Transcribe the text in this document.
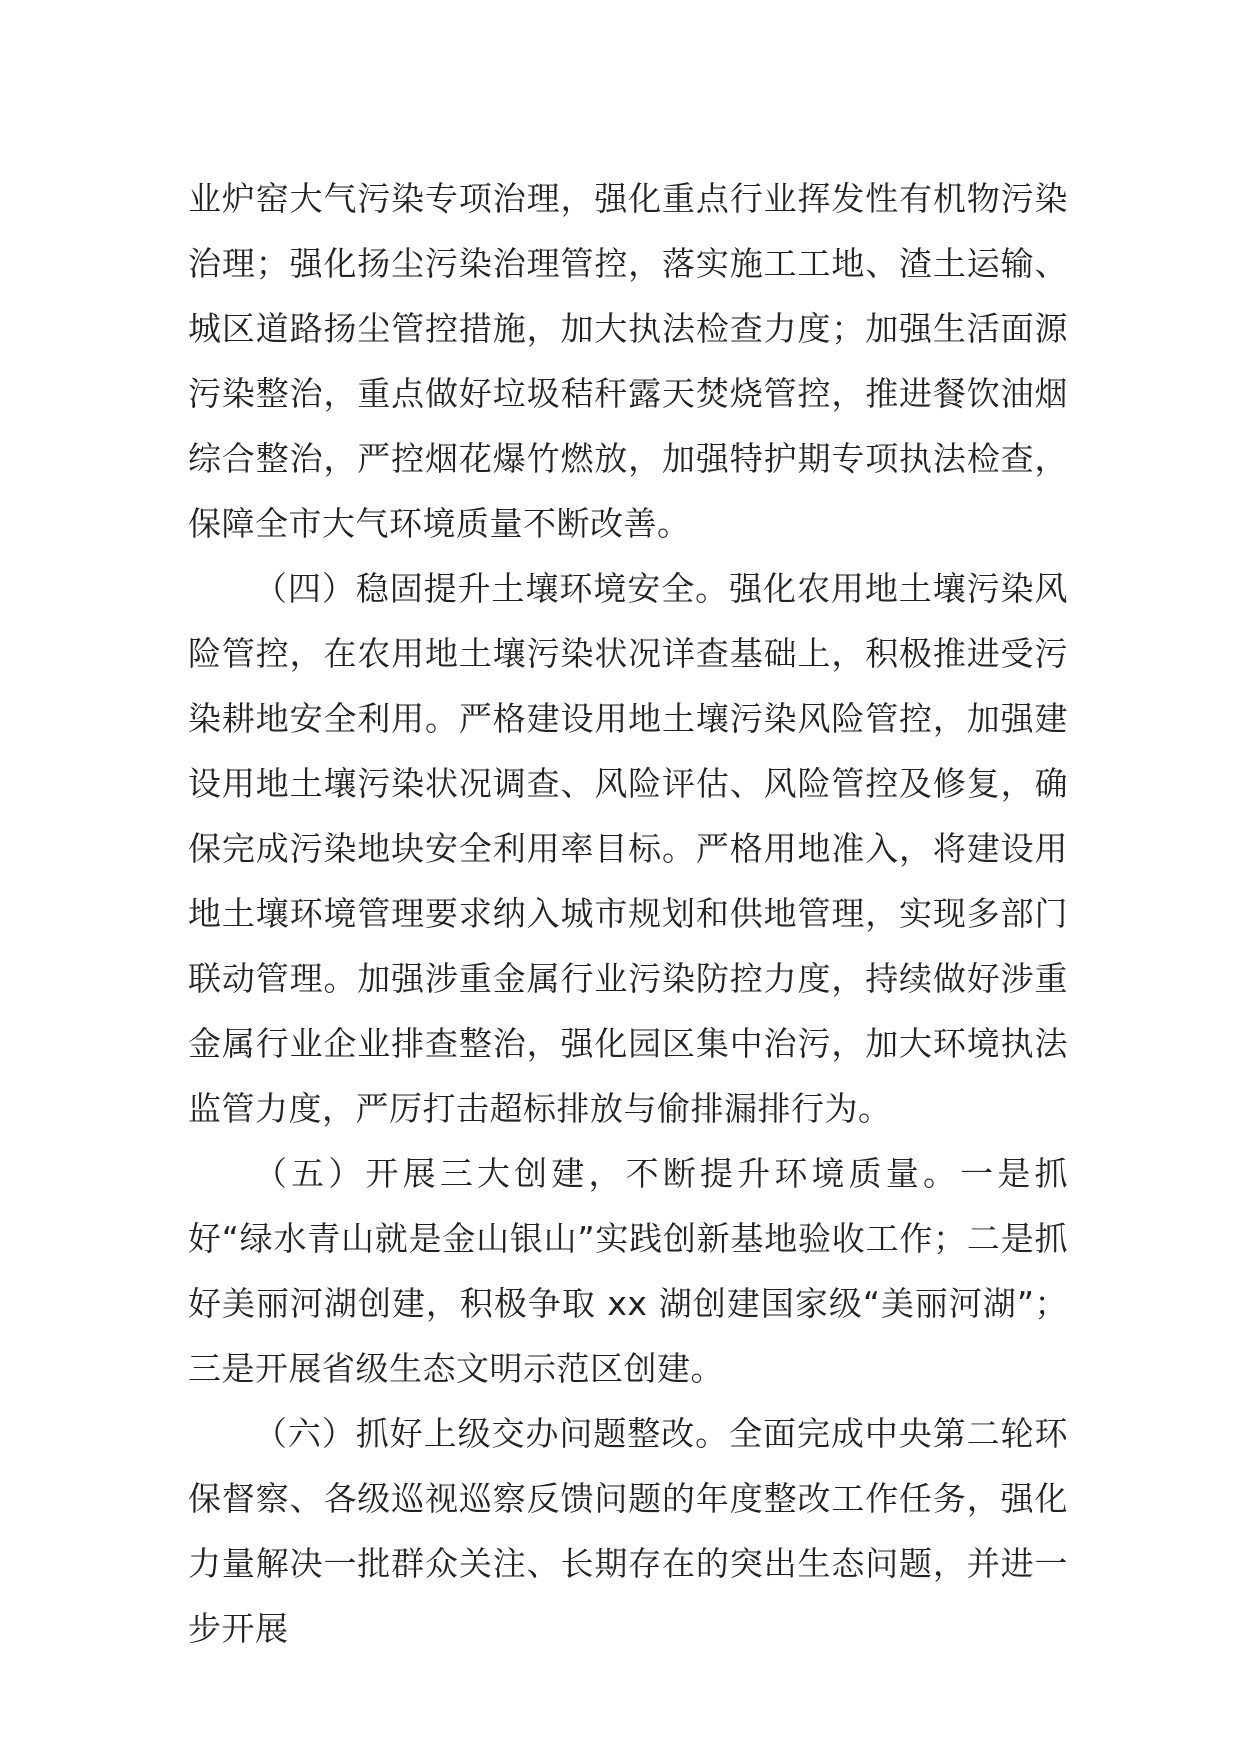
业炉窑大气污染专项治理，强化重点行业挥发性有机物污染治理；强化扬尘污染治理管控，落实施工工地、渣土运输、城区道路扬尘管控措施，加大执法检查力度；加强生活面源污染整治，重点做好垃圾秸秆露天焚烧管控，推进餐饮油烟综合整治，严控烟花爆竹燃放，加强特护期专项执法检查，保障全市大气环境质量不断改善。

（四）稳固提升土壤环境安全。强化农用地土壤污染风险管控，在农用地土壤污染状况详查基础上，积极推进受污染耕地安全利用。严格建设用地土壤污染风险管控，加强建设用地土壤污染状况调查、风险评估、风险管控及修复，确保完成污染地块安全利用率目标。严格用地准入，将建设用地土壤环境管理要求纳入城市规划和供地管理，实现多部门联动管理。加强涉重金属行业污染防控力度，持续做好涉重金属行业企业排查整治，强化园区集中治污，加大环境执法监管力度，严厉打击超标排放与偷排漏排行为。

（五）开展三大创建，不断提升环境质量。一是抓好“绿水青山就是金山银山”实践创新基地验收工作；二是抓好美丽河湖创建，积极争取 xx 湖创建国家级“美丽河湖”；三是开展省级生态文明示范区创建。

（六）抓好上级交办问题整改。全面完成中央第二轮环保督察、各级巡视巡察反馈问题的年度整改工作任务，强化力量解决一批群众关注、长期存在的突出生态问题，并进一步开展
